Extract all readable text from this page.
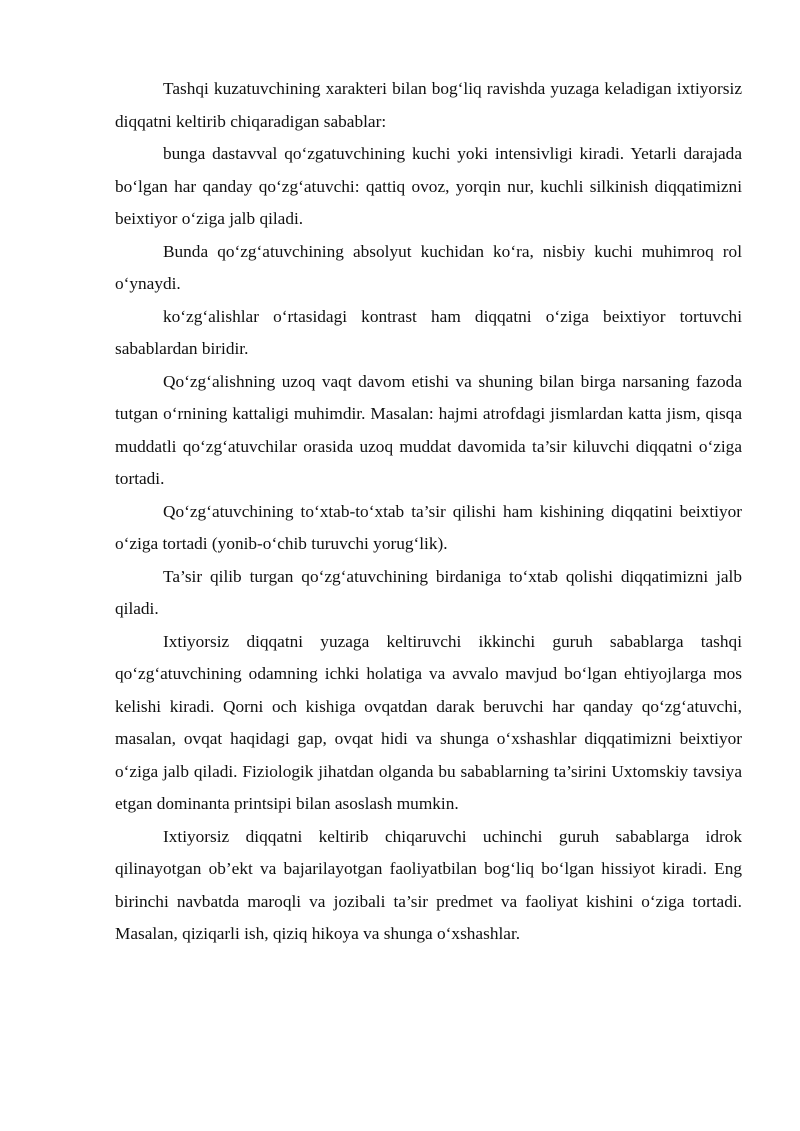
Tashqi kuzatuvchining xarakteri bilan bog‘liq ravishda yuzaga keladigan ixtiyorsiz diqqatni keltirib chiqaradigan sabablar:

bunga dastavval qo‘zgatuvchining kuchi yoki intensivligi kiradi. Yetarli darajada bo‘lgan har qanday qo‘zg‘atuvchi: qattiq ovoz, yorqin nur, kuchli silkinish diqqatimizni beixtiyor o‘ziga jalb qiladi.

Bunda qo‘zg‘atuvchining absolyut kuchidan ko‘ra, nisbiy kuchi muhimroq rol o‘ynaydi.

ko‘zg‘alishlar o‘rtasidagi kontrast ham diqqatni o‘ziga beixtiyor tortuvchi sabablardan biridir.

Qo‘zg‘alishning uzoq vaqt davom etishi va shuning bilan birga narsaning fazoda tutgan o‘rnining kattaligi muhimdir. Masalan: hajmi atrofdagi jismlardan katta jism, qisqa muddatli qo‘zg‘atuvchilar orasida uzoq muddat davomida ta’sir kiluvchi diqqatni o‘ziga tortadi.

Qo‘zg‘atuvchining to‘xtab-to‘xtab ta’sir qilishi ham kishining diqqatini beixtiyor o‘ziga tortadi (yonib-o‘chib turuvchi yorug‘lik).

Ta’sir qilib turgan qo‘zg‘atuvchining birdaniga to‘xtab qolishi diqqatimizni jalb qiladi.

Ixtiyorsiz diqqatni yuzaga keltiruvchi ikkinchi guruh sabablarga tashqi qo‘zg‘atuvchining odamning ichki holatiga va avvalo mavjud bo‘lgan ehtiyojlarga mos kelishi kiradi. Qorni och kishiga ovqatdan darak beruvchi har qanday qo‘zg‘atuvchi, masalan, ovqat haqidagi gap, ovqat hidi va shunga o‘xshashlar diqqatimizni beixtiyor o‘ziga jalb qiladi. Fiziologik jihatdan olganda bu sabablarning ta’sirini Uxtomskiy tavsiya etgan dominanta printsipi bilan asoslash mumkin.

Ixtiyorsiz diqqatni keltirib chiqaruvchi uchinchi guruh sabablarga idrok qilinayotgan ob’ekt va bajarilayotgan faoliyatbilan bog‘liq bo‘lgan hissiyot kiradi. Eng birinchi navbatda maroqli va jozibali ta’sir predmet va faoliyat kishini o‘ziga tortadi. Masalan, qiziqarli ish, qiziq hikoya va shunga o‘xshashlar.
